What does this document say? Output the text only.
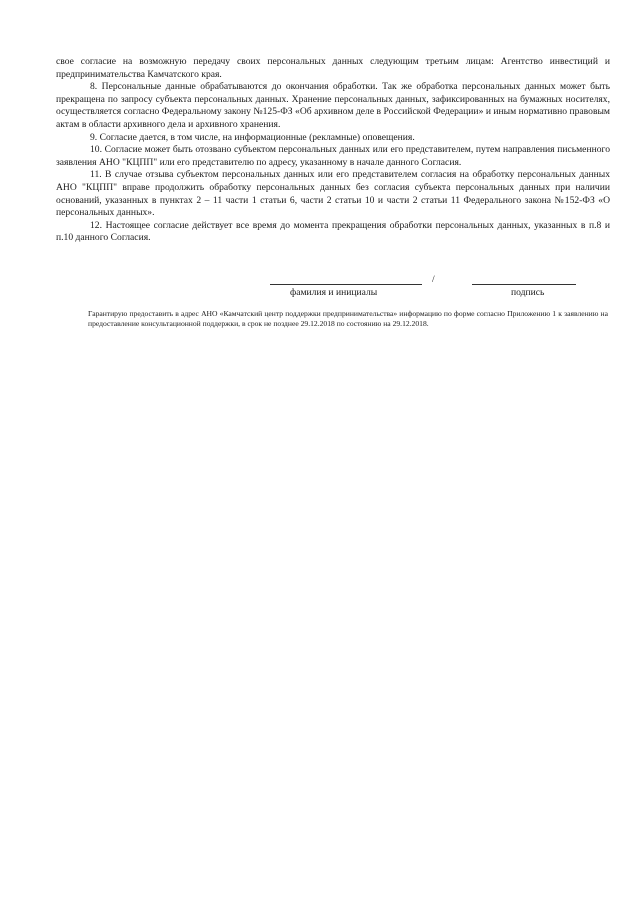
свое согласие на возможную передачу своих персональных данных следующим третьим лицам: Агентство инвестиций и предпринимательства Камчатского края.

8. Персональные данные обрабатываются до окончания обработки. Так же обработка персональных данных может быть прекращена по запросу субъекта персональных данных. Хранение персональных данных, зафиксированных на бумажных носителях, осуществляется согласно Федеральному закону №125-ФЗ «Об архивном деле в Российской Федерации» и иным нормативно правовым актам в области архивного дела и архивного хранения.

9. Согласие дается, в том числе, на информационные (рекламные) оповещения.

10. Согласие может быть отозвано субъектом персональных данных или его представителем, путем направления письменного заявления АНО "КЦПП" или его представителю по адресу, указанному в начале данного Согласия.

11. В случае отзыва субъектом персональных данных или его представителем согласия на обработку персональных данных АНО "КЦПП" вправе продолжить обработку персональных данных без согласия субъекта персональных данных при наличии оснований, указанных в пунктах 2 – 11 части 1 статьи 6, части 2 статьи 10 и части 2 статьи 11 Федерального закона №152-ФЗ «О персональных данных».

12. Настоящее согласие действует все время до момента прекращения обработки персональных данных, указанных в п.8 и п.10 данного Согласия.

/
фамилия и инициалы	подпись

Гарантирую предоставить в адрес АНО «Камчатский центр поддержки предпринимательства» информацию по форме согласно Приложению 1 к заявлению на предоставление консультационной поддержки, в срок не позднее 29.12.2018 по состоянию на 29.12.2018.
